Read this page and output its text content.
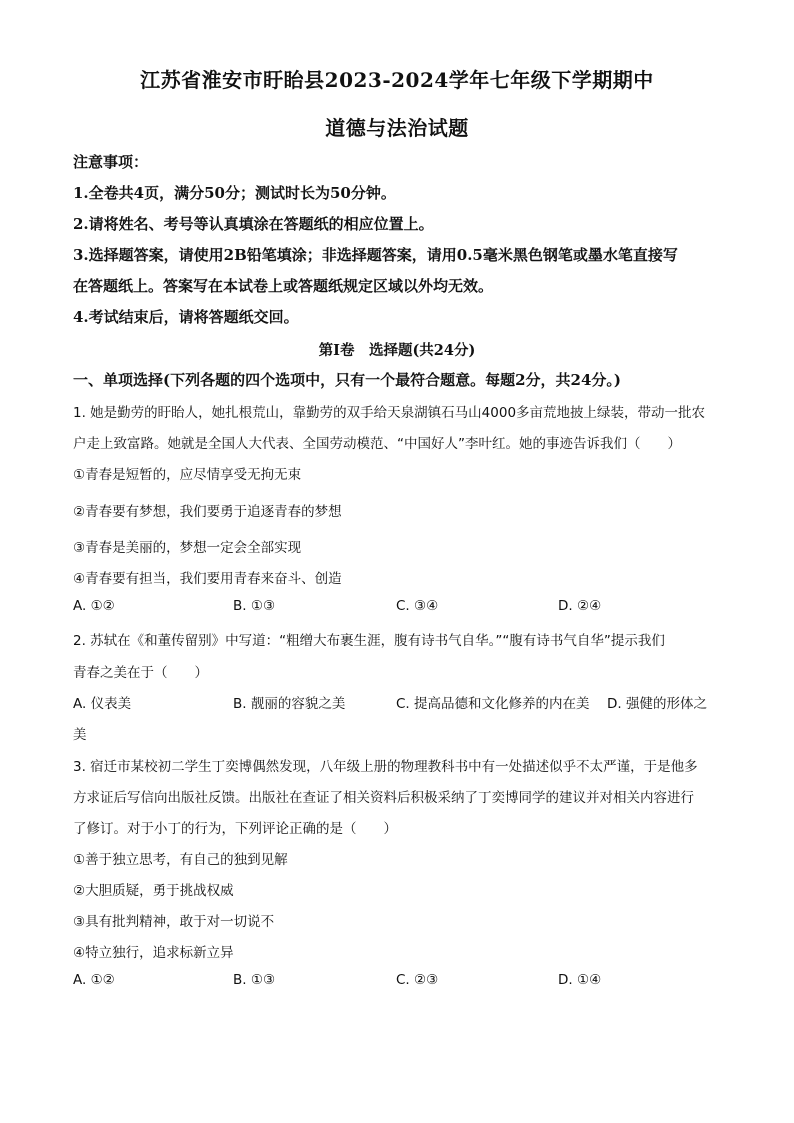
江苏省淮安市盱眙县2023-2024学年七年级下学期期中
道德与法治试题
注意事项：
1.全卷共4页，满分50分；测试时长为50分钟。
2.请将姓名、考号等认真填涂在答题纸的相应位置上。
3.选择题答案，请使用2B铅笔填涂；非选择题答案，请用0.5毫米黑色钢笔或墨水笔直接写
在答题纸上。答案写在本试卷上或答题纸规定区域以外均无效。
4.考试结束后，请将答题纸交回。
第Ⅰ卷　选择题(共24分)
一、单项选择(下列各题的四个选项中，只有一个最符合题意。每题2分，共24分。)
1. 她是勤劳的盱眙人，她扎根荒山，靠勤劳的双手给天泉湖镇石马山4000多亩荒地披上绿装，带动一批农
户走上致富路。她就是全国人大代表、全国劳动模范、“中国好人”李叶红。她的事迹告诉我们（　　）
①青春是短暂的，应尽情享受无拘无束
②青春要有梦想，我们要勇于追逐青春的梦想
③青春是美丽的，梦想一定会全部实现
④青春要有担当，我们要用青春来奋斗、创造
A. ①②	B. ①③	C. ③④	D. ②④
2. 苏轼在《和董传留别》中写道：“粗缯大布裹生涯，腹有诗书气自华。”“腹有诗书气自华”提示我们
青春之美在于（　　）
A. 仪表美	B. 靓丽的容貌之美	C. 提高品德和文化修养的内在美 D. 强健的形体之
美
3. 宿迁市某校初二学生丁奕博偶然发现，八年级上册的物理教科书中有一处描述似乎不太严谨，于是他多
方求证后写信向出版社反馈。出版社在查证了相关资料后积极采纳了丁奕博同学的建议并对相关内容进行
了修订。对于小丁的行为，下列评论正确的是（　　）
①善于独立思考，有自己的独到见解
②大胆质疑，勇于挑战权威
③具有批判精神，敢于对一切说不
④特立独行，追求标新立异
A. ①②	B. ①③	C. ②③	D. ①④
